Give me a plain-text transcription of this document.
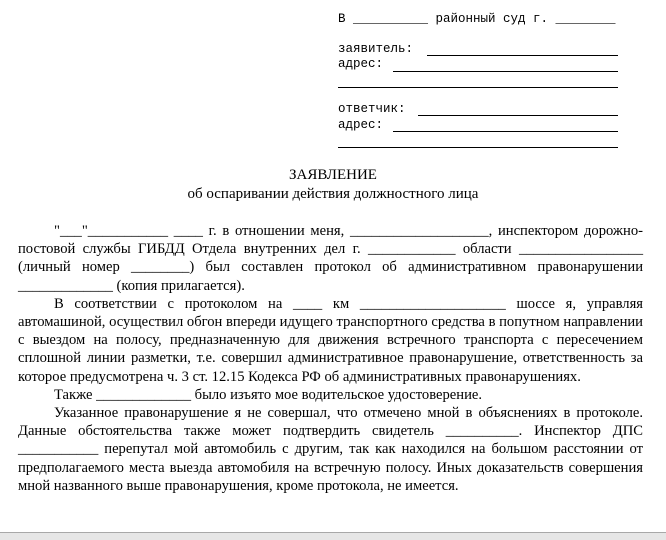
В __________ районный суд г. ________
заявитель:
адрес:
ответчик:
адрес:
ЗАЯВЛЕНИЕ
об оспаривании действия должностного лица

"___"___________ ____ г. в отношении меня, ___________________, инспектором дорожно-постовой службы ГИБДД Отдела внутренних дел г. ____________ области _________________ (личный номер ________) был составлен протокол об административном правонарушении _____________ (копия прилагается).

В соответствии с протоколом на ____ км ____________________ шоссе я, управляя автомашиной, осуществил обгон впереди идущего транспортного средства в попутном направлении с выездом на полосу, предназначенную для движения встречного транспорта с пересечением сплошной линии разметки, т.е. совершил административное правонарушение, ответственность за которое предусмотрена ч. 3 ст. 12.15 Кодекса РФ об административных правонарушениях.

Также _____________ было изъято мое водительское удостоверение.

Указанное правонарушение я не совершал, что отмечено мной в объяснениях в протоколе. Данные обстоятельства также может подтвердить свидетель __________. Инспектор ДПС ___________ перепутал мой автомобиль с другим, так как находился на большом расстоянии от предполагаемого места выезда автомобиля на встречную полосу. Иных доказательств совершения мной названного выше правонарушения, кроме протокола, не имеется.
